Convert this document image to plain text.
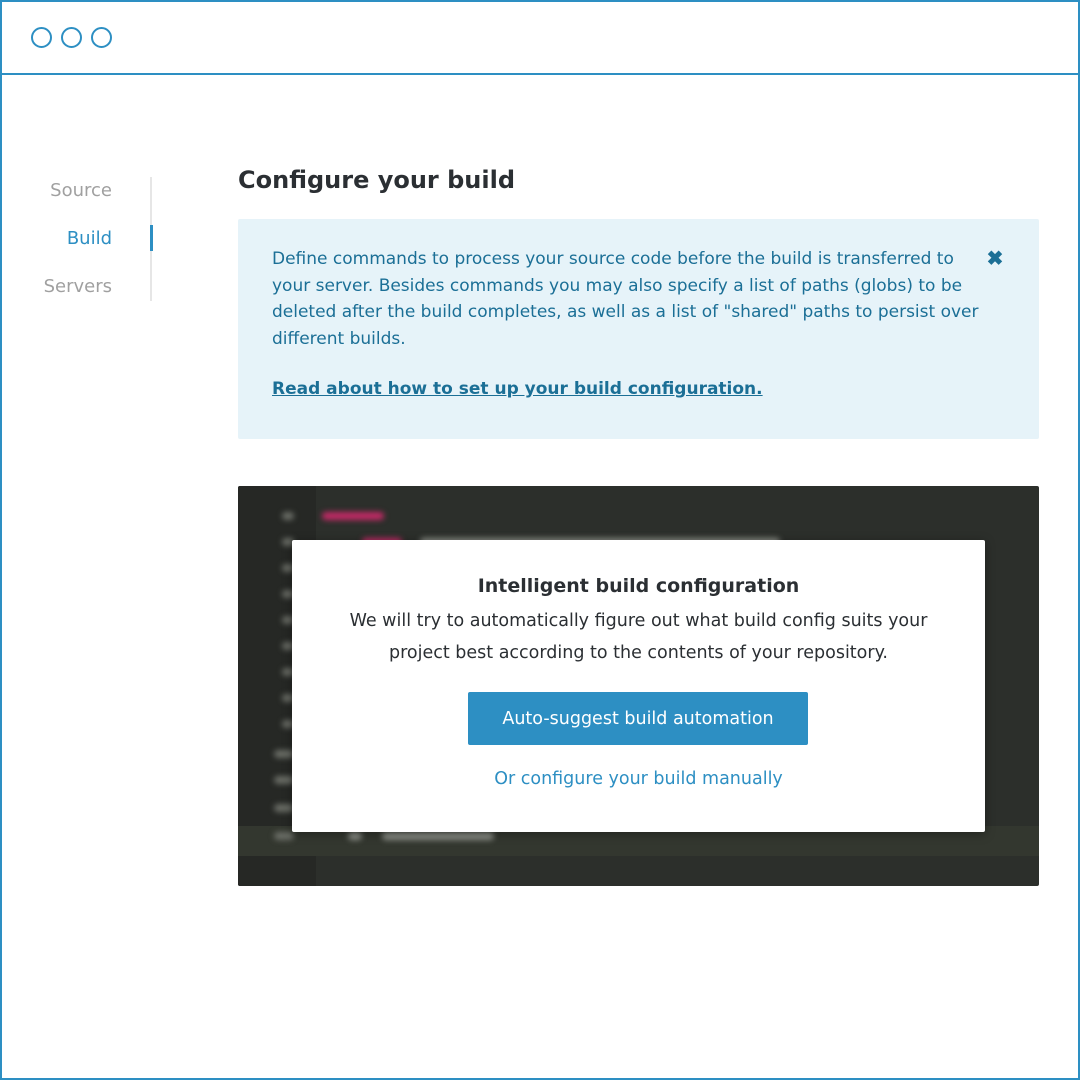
Source
Build
Servers
Configure your build

Define commands to process your source code before the build is transferred to your server. Besides commands you may also specify a list of paths (globs) to be deleted after the build completes, as well as a list of "shared" paths to persist over different builds.

Read about how to set up your build configuration.
✖
Intelligent build configuration

We will try to automatically figure out what build config suits your project best according to the contents of your repository.

Auto-suggest build automation
Or configure your build manually
